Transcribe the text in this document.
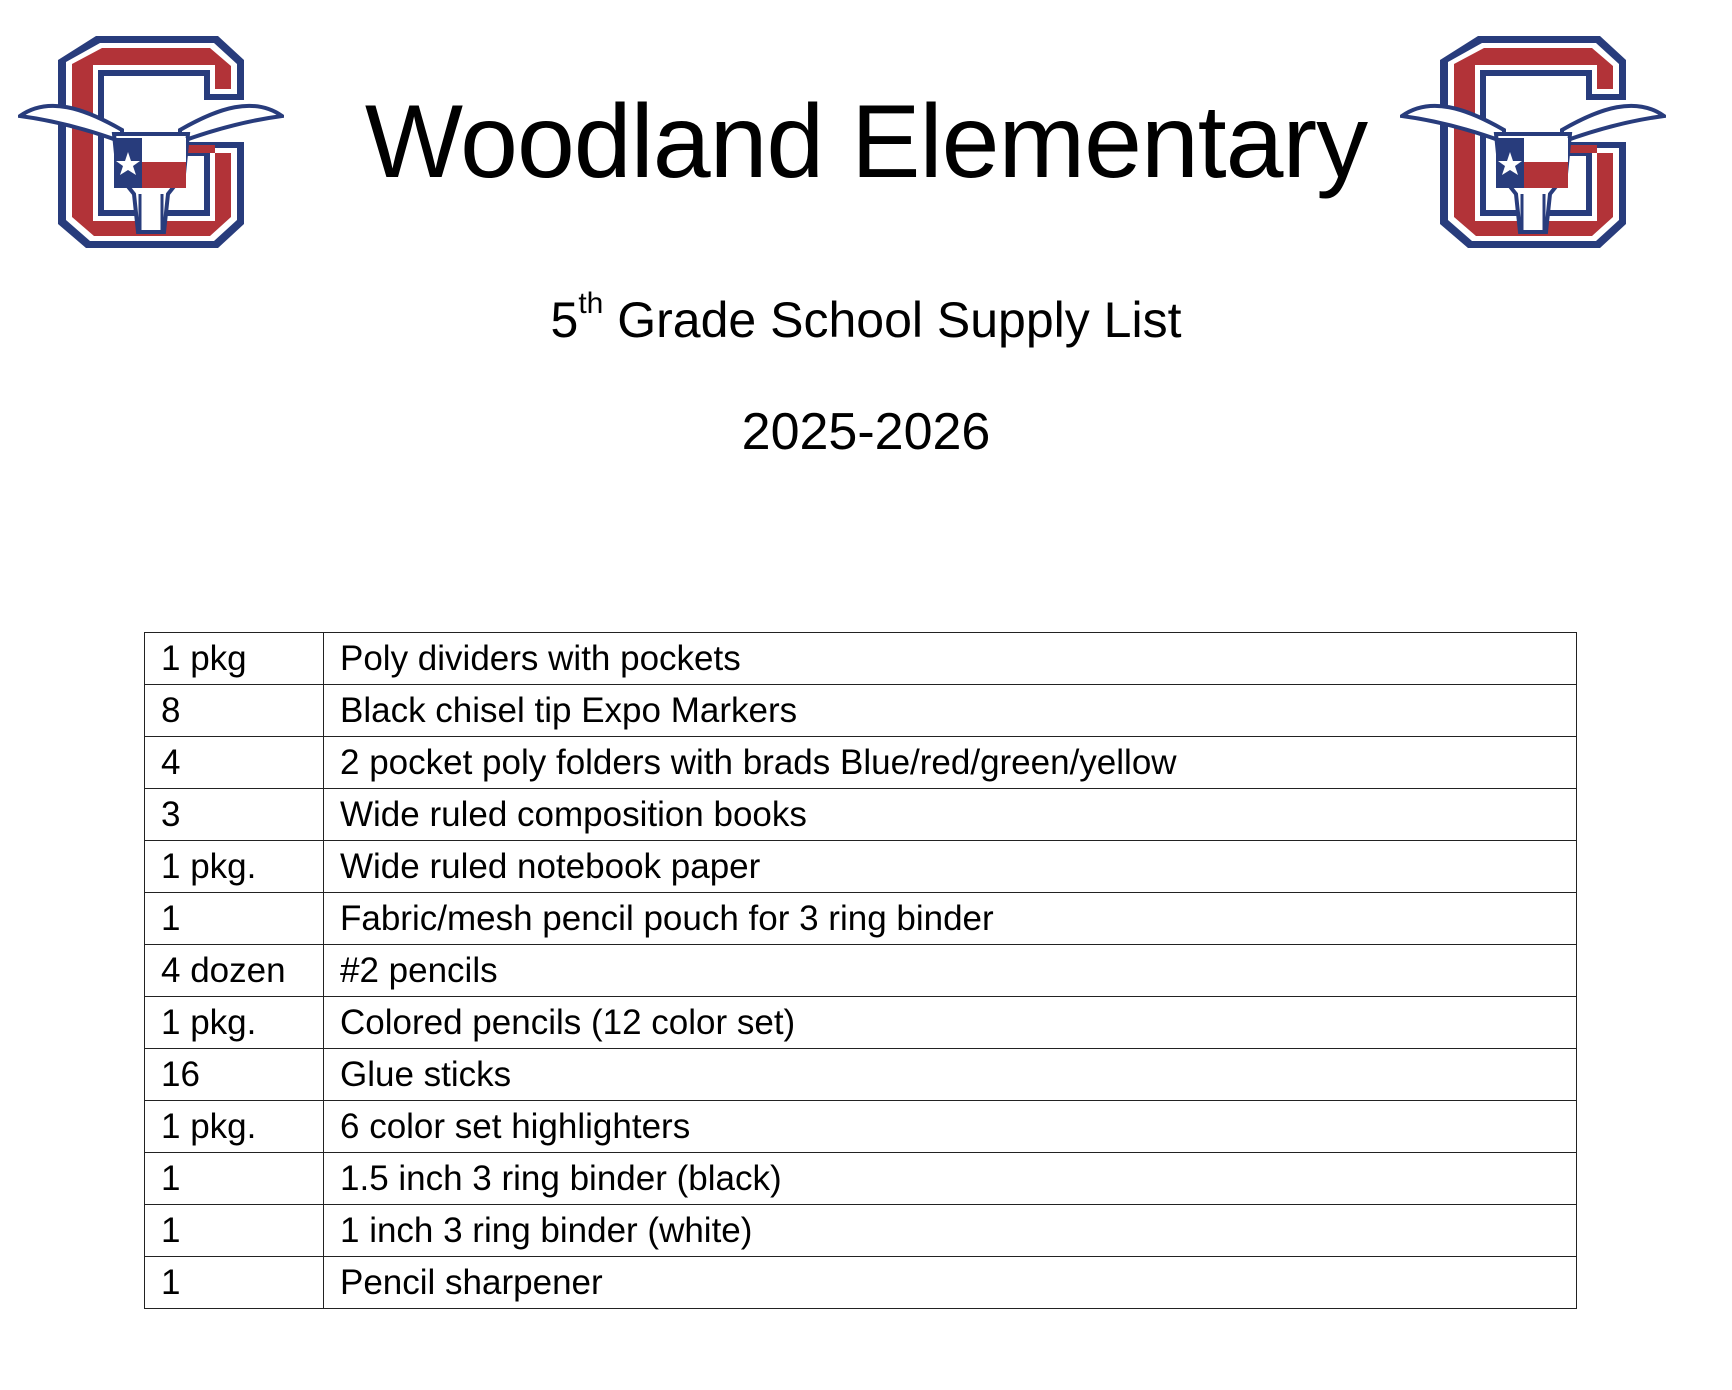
Woodland Elementary
5th Grade School Supply List
2025-2026
1 pkg	Poly dividers with pockets
8	Black chisel tip Expo Markers
4	2 pocket poly folders with brads Blue/red/green/yellow
3	Wide ruled composition books
1 pkg.	Wide ruled notebook paper
1	Fabric/mesh pencil pouch for 3 ring binder
4 dozen	#2 pencils
1 pkg.	Colored pencils (12 color set)
16	Glue sticks
1 pkg.	6 color set highlighters
1	1.5 inch 3 ring binder (black)
1	1 inch 3 ring binder (white)
1	Pencil sharpener
